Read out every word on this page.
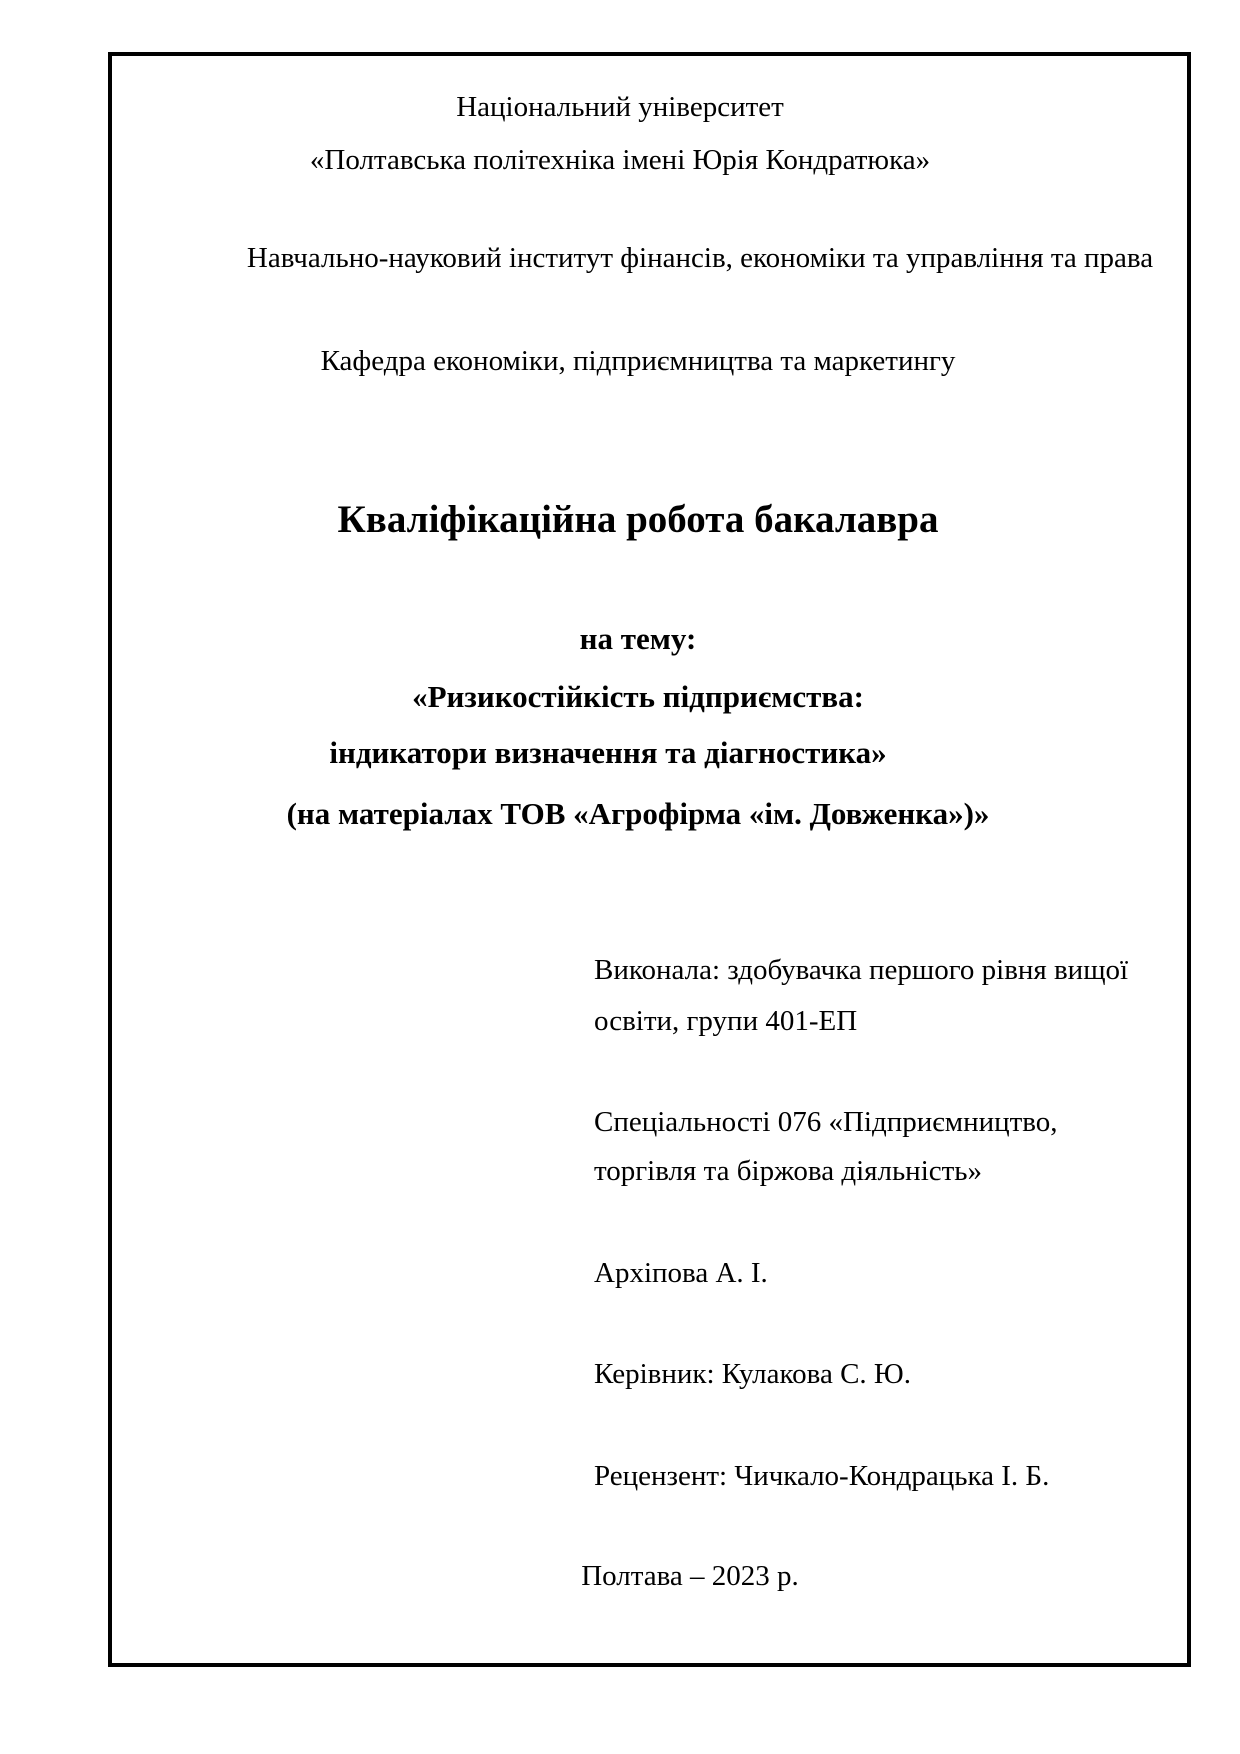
Національний університет
«Полтавська політехніка імені Юрія Кондратюка»
Навчально-науковий інститут фінансів, економіки та управління та права
Кафедра економіки, підприємництва та маркетингу
Кваліфікаційна робота бакалавра
на тему:
«Ризикостійкість підприємства:
індикатори визначення та діагностика»
(на матеріалах ТОВ «Агрофірма «ім. Довженка»)»
Виконала: здобувачка першого рівня вищої
освіти, групи 401-ЕП
Спеціальності 076 «Підприємництво,
торгівля та біржова діяльність»
Архіпова А. І.
Керівник: Кулакова С. Ю.
Рецензент: Чичкало-Кондрацька І. Б.
Полтава – 2023 р.
